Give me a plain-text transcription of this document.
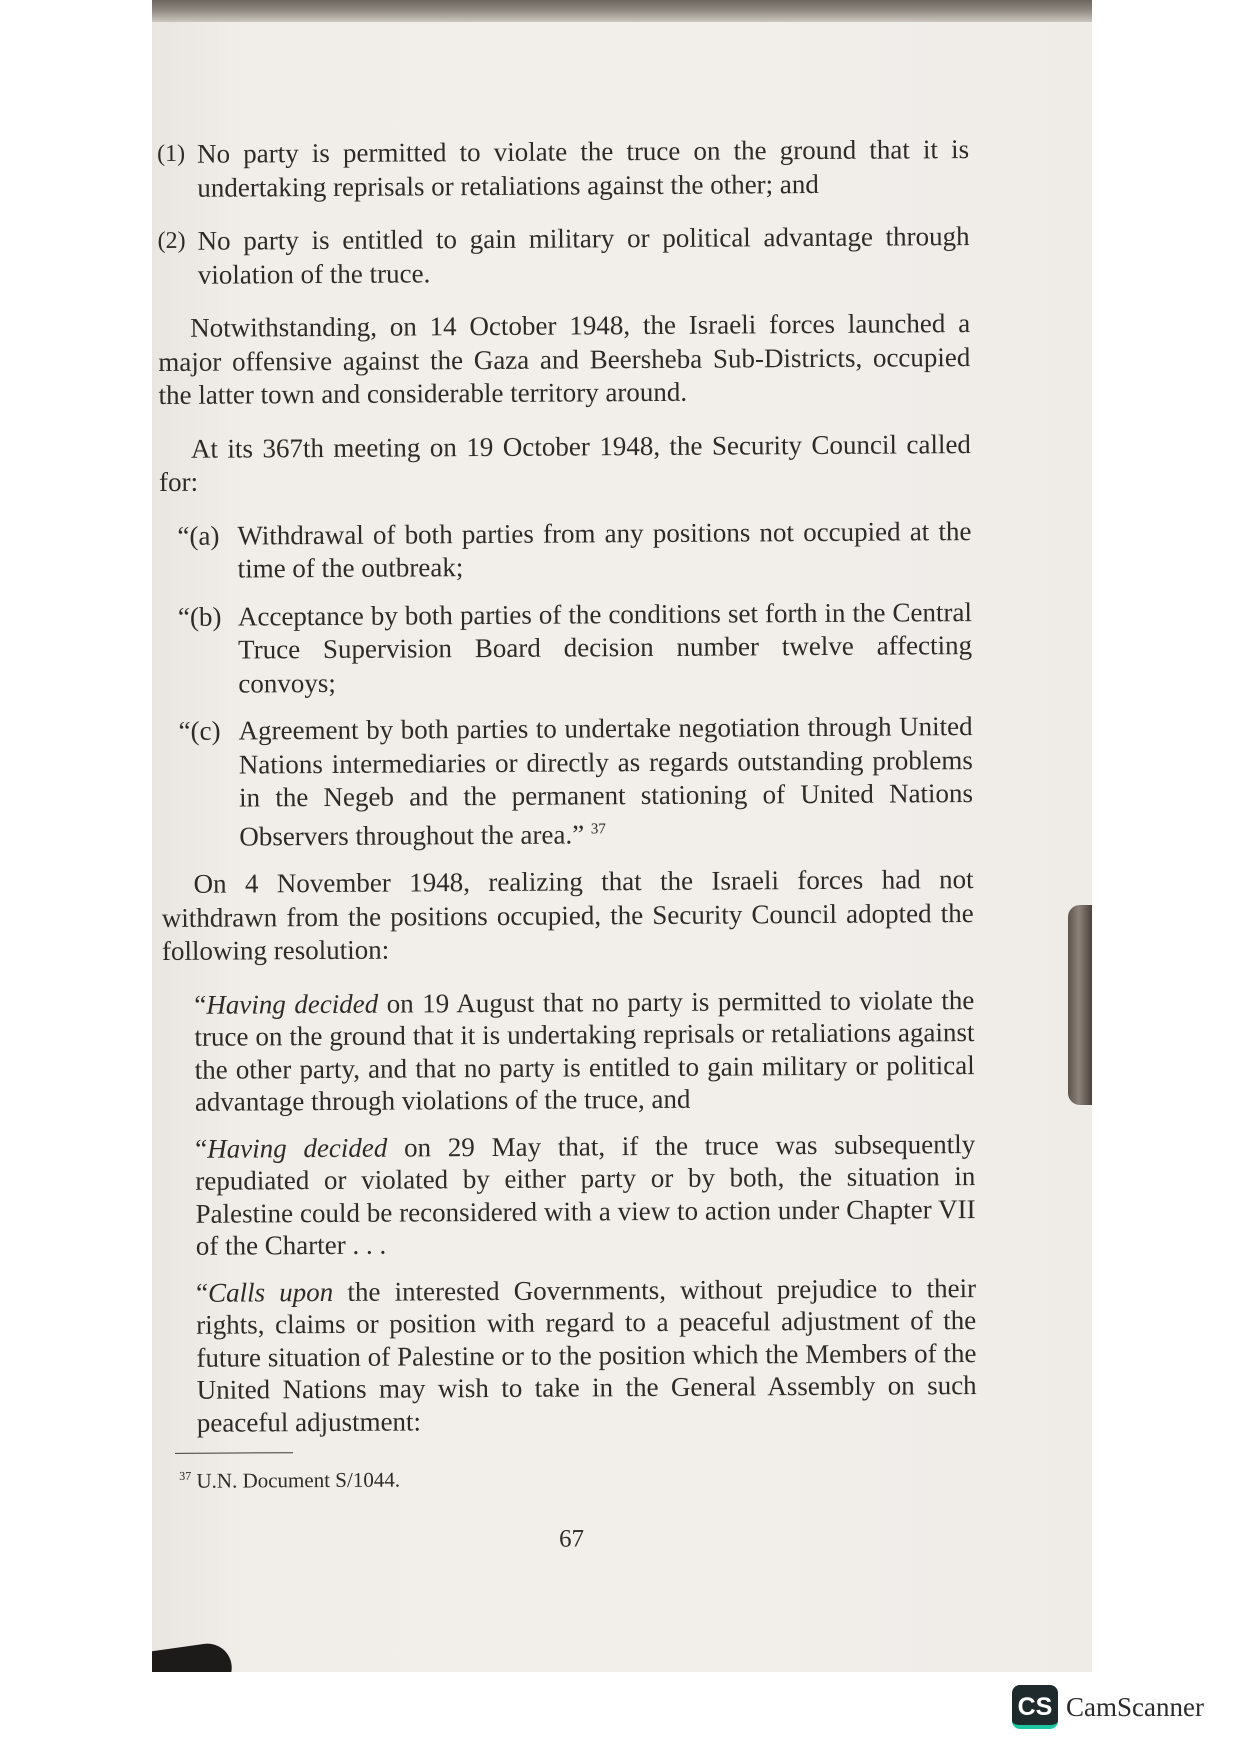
(1) No party is permitted to violate the truce on the ground that it is undertaking reprisals or retaliations against the other; and
(2) No party is entitled to gain military or political advantage through violation of the truce.

Notwithstanding, on 14 October 1948, the Israeli forces launched a major offensive against the Gaza and Beersheba Sub-Districts, occupied the latter town and considerable territory around.

At its 367th meeting on 19 October 1948, the Security Council called for:

“(a) Withdrawal of both parties from any positions not occupied at the time of the outbreak;
“(b) Acceptance by both parties of the conditions set forth in the Central Truce Supervision Board decision number twelve affecting convoys;
“(c) Agreement by both parties to undertake negotiation through United Nations intermediaries or directly as regards outstanding problems in the Negeb and the permanent stationing of United Nations Observers throughout the area.” $^{37}$

On 4 November 1948, realizing that the Israeli forces had not withdrawn from the positions occupied, the Security Council adopted the following resolution:

“Having decided on 19 August that no party is permitted to violate the truce on the ground that it is undertaking reprisals or retaliations against the other party, and that no party is entitled to gain military or political advantage through violations of the truce, and

“Having decided on 29 May that, if the truce was subsequently repudiated or violated by either party or by both, the situation in Palestine could be reconsidered with a view to action under Chapter VII of the Charter . . .

“Calls upon the interested Governments, without prejudice to their rights, claims or position with regard to a peaceful adjustment of the future situation of Palestine or to the position which the Members of the United Nations may wish to take in the General Assembly on such peaceful adjustment:

$^{37}$ U.N. Document S/1044.
67
CS CamScanner
